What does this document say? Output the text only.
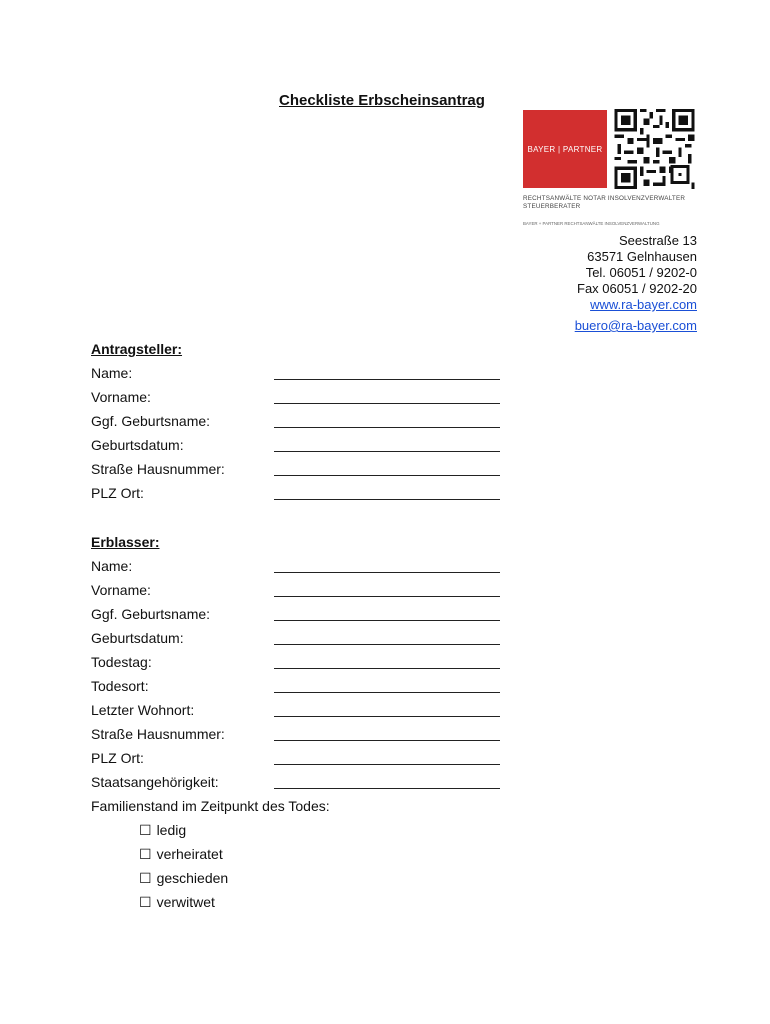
Checkliste Erbscheinsantrag
BAYER | PARTNER
RECHTSANWÄLTE NOTAR INSOLVENZVERWALTER STEUERBERATER
BAYER + PARTNER RECHTSANWÄLTE INSOLVENZVERWALTUNG
Seestraße 13
63571 Gelnhausen
Tel. 06051 / 9202-0
Fax 06051 / 9202-20
www.ra-bayer.com
buero@ra-bayer.com
Antragsteller:
Name:
Vorname:
Ggf. Geburtsname:
Geburtsdatum:
Straße Hausnummer:
PLZ Ort:
Erblasser:
Name:
Vorname:
Ggf. Geburtsname:
Geburtsdatum:
Todestag:
Todesort:
Letzter Wohnort:
Straße Hausnummer:
PLZ Ort:
Staatsangehörigkeit:
Familienstand im Zeitpunkt des Todes:
☐ ledig
☐ verheiratet
☐ geschieden
☐ verwitwet
